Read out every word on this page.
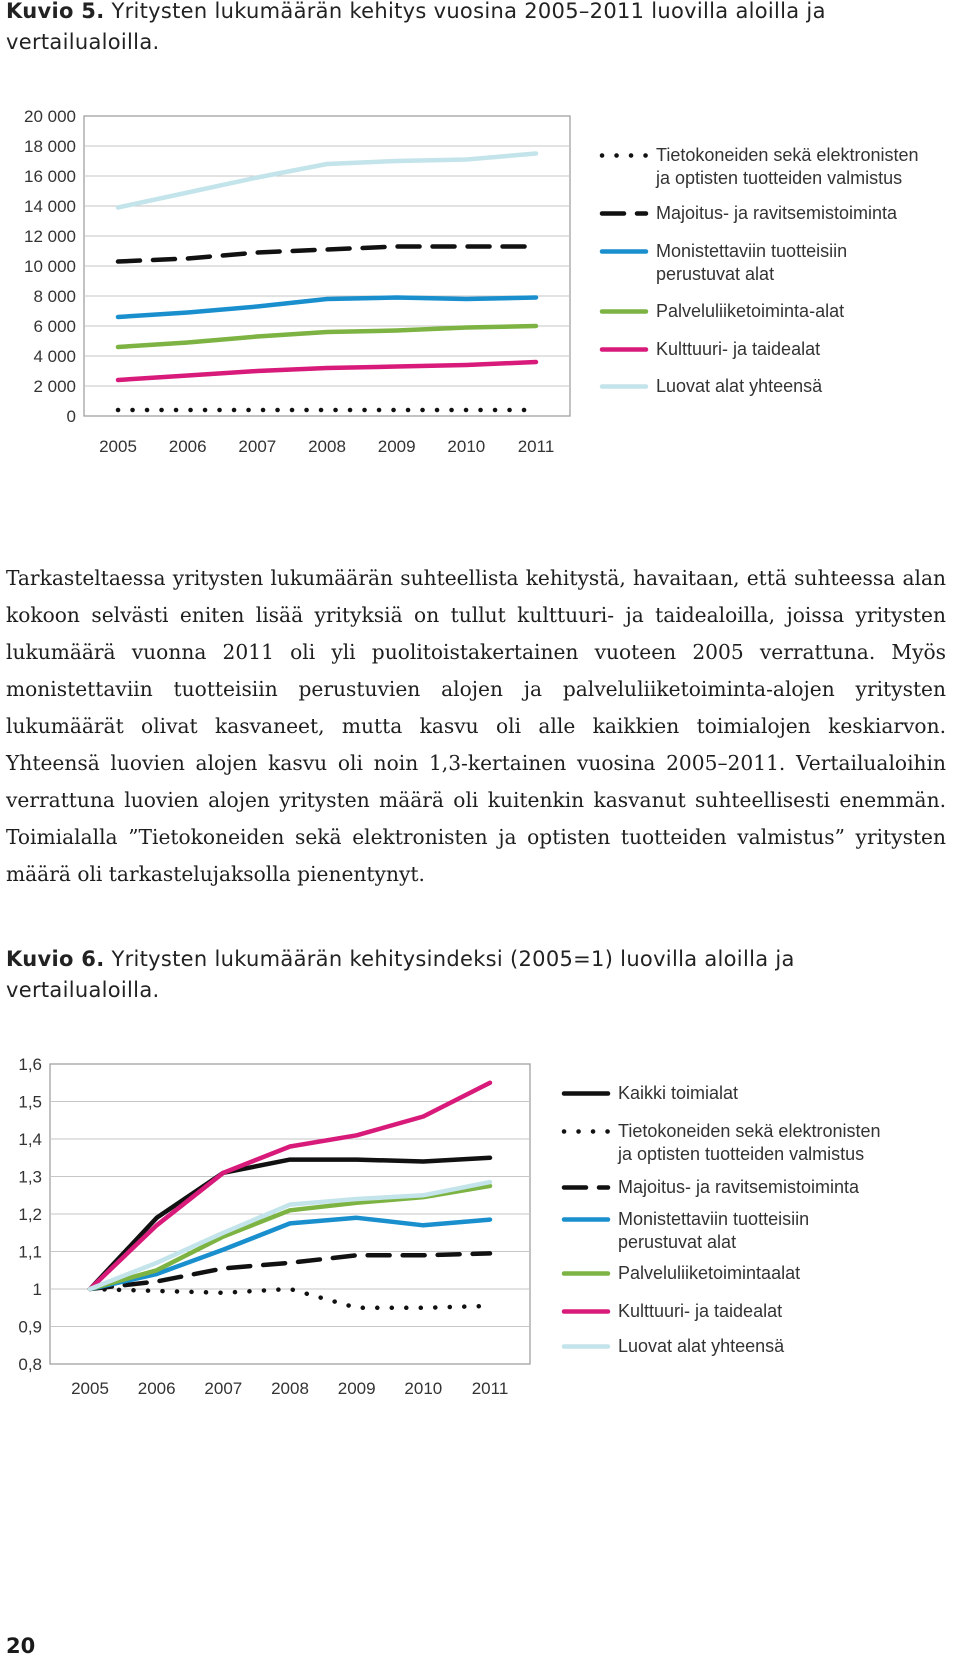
Kuvio 5. Yritysten lukumäärän kehitys vuosina 2005–2011 luovilla aloilla ja vertailualoilla.
0
2 000
4 000
6 000
8 000
10 000
12 000
14 000
16 000
18 000
20 000
2005 2006 2007 2008 2009 2010 2011
Tietokoneiden sekä elektronisten ja optisten tuotteiden valmistus
Majoitus- ja ravitsemistoiminta
Monistettaviin tuotteisiin perustuvat alat
Palveluliiketoiminta-alat
Kulttuuri- ja taidealat
Luovat alat yhteensä

Tarkasteltaessa yritysten lukumäärän suhteellista kehitystä, havaitaan, että suhteessa alan kokoon selvästi eniten lisää yrityksiä on tullut kulttuuri- ja taidealoilla, joissa yritysten lukumäärä vuonna 2011 oli yli puolitoistakertainen vuoteen 2005 verrattuna. Myös monistettaviin tuotteisiin perustuvien alojen ja palveluliiketoiminta-alojen yritysten lukumäärät olivat kasvaneet, mutta kasvu oli alle kaikkien toimialojen keskiarvon. Yhteensä luovien alojen kasvu oli noin 1,3-kertainen vuosina 2005–2011. Vertailualoihin verrattuna luovien alojen yritysten määrä oli kuitenkin kasvanut suhteellisesti enemmän. Toimialalla ”Tietokoneiden sekä elektronisten ja optisten tuotteiden valmistus” yritysten määrä oli tarkastelujaksolla pienentynyt.

Kuvio 6. Yritysten lukumäärän kehitysindeksi (2005=1) luovilla aloilla ja vertailualoilla.
0,8
0,9
1
1,1
1,2
1,3
1,4
1,5
1,6
2005 2006 2007 2008 2009 2010 2011
Kaikki toimialat
Tietokoneiden sekä elektronisten ja optisten tuotteiden valmistus
Majoitus- ja ravitsemistoiminta
Monistettaviin tuotteisiin perustuvat alat
Palveluliiketoimintaalat
Kulttuuri- ja taidealat
Luovat alat yhteensä
20
